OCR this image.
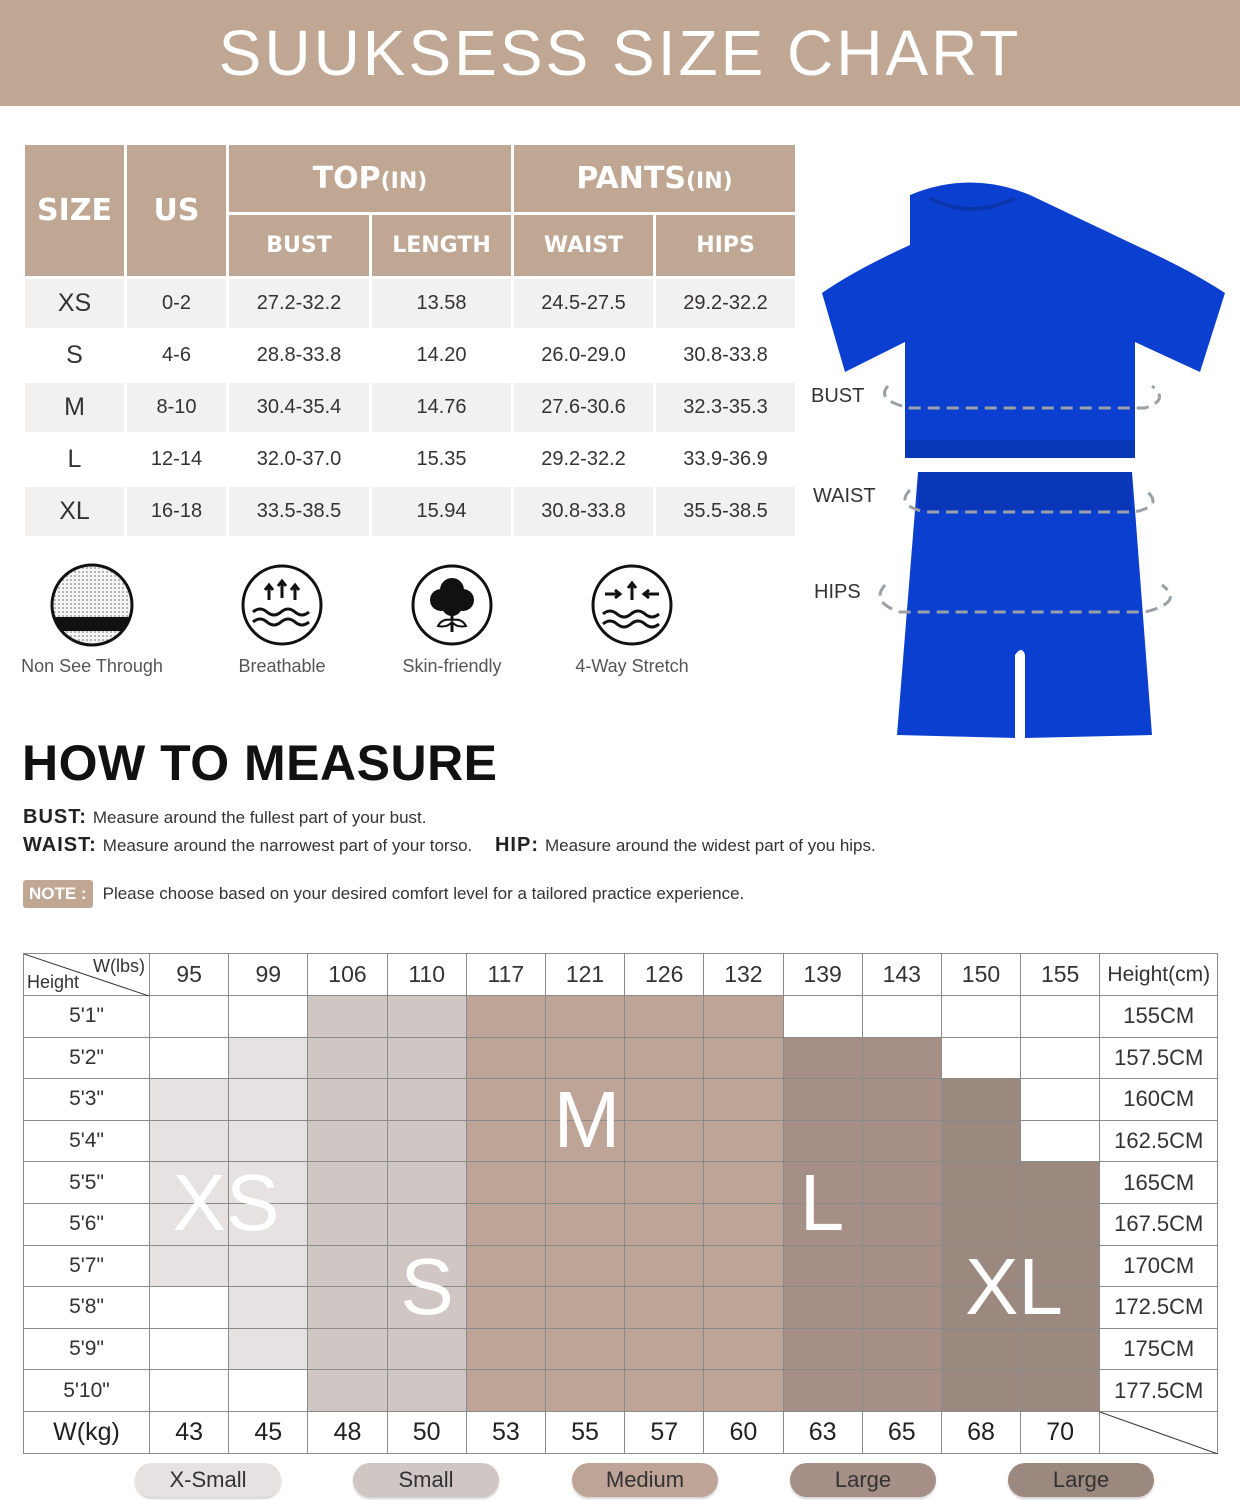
SUUKSESS SIZE CHART
SIZE	US	TOP(IN)		PANTS(IN)	
		BUST	LENGTH	WAIST	HIPS
XS	0-2	27.2-32.2	13.58	24.5-27.5	29.2-32.2
S	4-6	28.8-33.8	14.20	26.0-29.0	30.8-33.8
M	8-10	30.4-35.4	14.76	27.6-30.6	32.3-35.3
L	12-14	32.0-37.0	15.35	29.2-32.2	33.9-36.9
XL	16-18	33.5-38.5	15.94	30.8-33.8	35.5-38.5
Non See Through	Breathable	Skin-friendly	4-Way Stretch
BUST
WAIST
HIPS
HOW TO MEASURE
BUST: Measure around the fullest part of your bust.
WAIST: Measure around the narrowest part of your torso. HIP: Measure around the widest part of you hips.
NOTE : Please choose based on your desired comfort level for a tailored practice experience.
W(lbs)
Height	95	99	106	110	117	121	126	132	139	143	150	155	Height(cm)
5'1"													155CM
5'2"													157.5CM
5'3"													160CM
5'4"													162.5CM
5'5"													165CM
5'6"													167.5CM
5'7"													170CM
5'8"													172.5CM
5'9"													175CM
5'10"													177.5CM
W(kg)	43	45	48	50	53	55	57	60	63	65	68	70	
XS
S
M
L
XL
X-Small	Small	Medium	Large	Large
